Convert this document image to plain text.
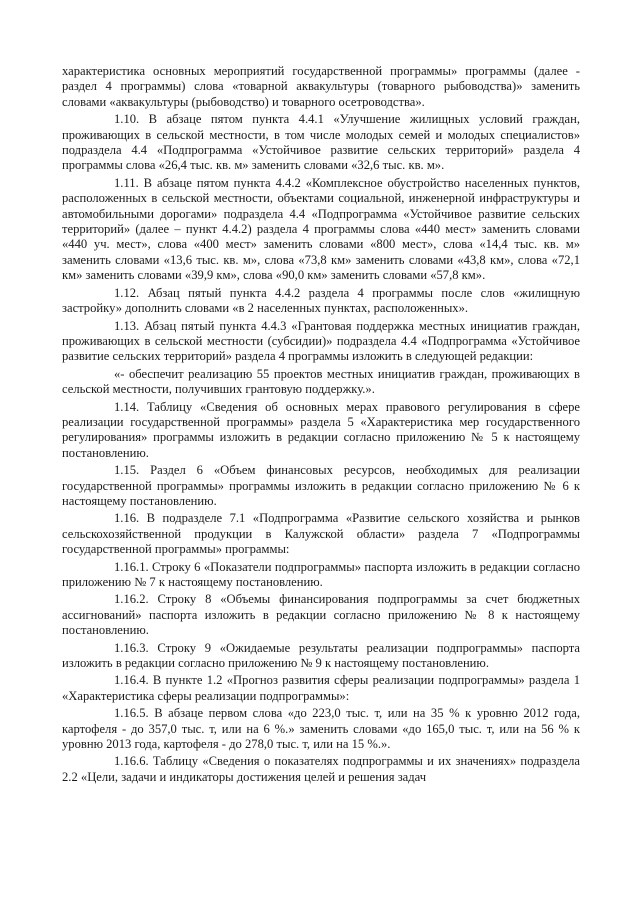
характеристика основных мероприятий государственной программы» программы (далее - раздел 4 программы) слова «товарной аквакультуры (товарного рыбоводства)» заменить словами «аквакультуры (рыбоводство) и товарного осетроводства».

1.10. В абзаце пятом пункта 4.4.1 «Улучшение жилищных условий граждан, проживающих в сельской местности, в том числе молодых семей и молодых специалистов» подраздела 4.4 «Подпрограмма «Устойчивое развитие сельских территорий» раздела 4 программы слова «26,4 тыс. кв. м» заменить словами «32,6 тыс. кв. м».

1.11. В абзаце пятом пункта 4.4.2 «Комплексное обустройство населенных пунктов, расположенных в сельской местности, объектами социальной, инженерной инфраструктуры и автомобильными дорогами» подраздела 4.4 «Подпрограмма «Устойчивое развитие сельских территорий» (далее – пункт 4.4.2) раздела 4 программы слова «440 мест» заменить словами «440 уч. мест», слова «400 мест» заменить словами «800 мест», слова «14,4 тыс. кв. м» заменить словами «13,6 тыс. кв. м», слова «73,8 км» заменить словами «43,8 км», слова «72,1 км» заменить словами «39,9 км», слова «90,0 км» заменить словами «57,8 км».

1.12. Абзац пятый пункта 4.4.2 раздела 4 программы после слов «жилищную застройку» дополнить словами «в 2 населенных пунктах, расположенных».

1.13. Абзац пятый пункта 4.4.3 «Грантовая поддержка местных инициатив граждан, проживающих в сельской местности (субсидии)» подраздела 4.4 «Подпрограмма «Устойчивое развитие сельских территорий» раздела 4 программы изложить в следующей редакции:

«- обеспечит реализацию 55 проектов местных инициатив граждан, проживающих в сельской местности, получивших грантовую поддержку.».

1.14. Таблицу «Сведения об основных мерах правового регулирования в сфере реализации государственной программы» раздела 5 «Характеристика мер государственного регулирования» программы изложить в редакции согласно приложению № 5 к настоящему постановлению.

1.15. Раздел 6 «Объем финансовых ресурсов, необходимых для реализации государственной программы» программы изложить в редакции согласно приложению № 6 к настоящему постановлению.

1.16. В подразделе 7.1 «Подпрограмма «Развитие сельского хозяйства и рынков сельскохозяйственной продукции в Калужской области» раздела 7 «Подпрограммы государственной программы» программы:

1.16.1. Строку 6 «Показатели подпрограммы» паспорта изложить в редакции согласно приложению № 7 к настоящему постановлению.

1.16.2. Строку 8 «Объемы финансирования подпрограммы за счет бюджетных ассигнований» паспорта изложить в редакции согласно приложению № 8 к настоящему постановлению.

1.16.3. Строку 9 «Ожидаемые результаты реализации подпрограммы» паспорта изложить в редакции согласно приложению № 9 к настоящему постановлению.

1.16.4. В пункте 1.2 «Прогноз развития сферы реализации подпрограммы» раздела 1 «Характеристика сферы реализации подпрограммы»:

1.16.5. В абзаце первом слова «до 223,0 тыс. т, или на 35 % к уровню 2012 года, картофеля - до 357,0 тыс. т, или на 6 %.» заменить словами «до 165,0 тыс. т, или на 56 % к уровню 2013 года, картофеля - до 278,0 тыс. т, или на 15 %.».

1.16.6. Таблицу «Сведения о показателях подпрограммы и их значениях» подраздела 2.2 «Цели, задачи и индикаторы достижения целей и решения задач
